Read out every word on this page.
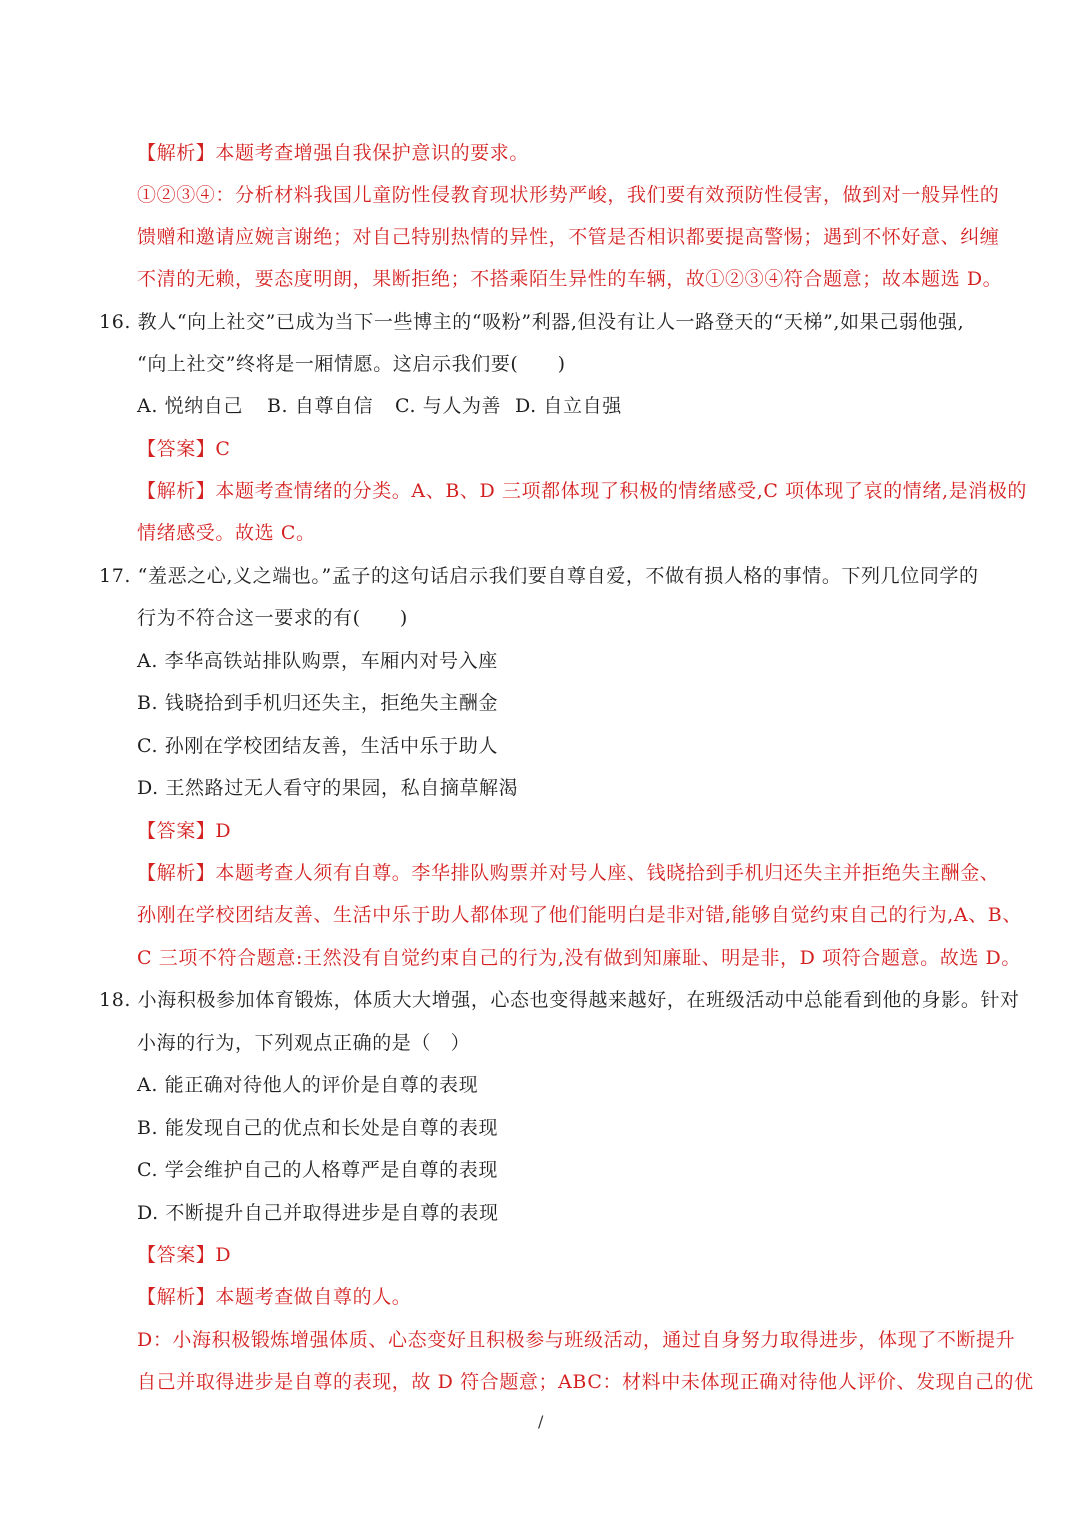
【解析】本题考查增强自我保护意识的要求。
①②③④：分析材料我国儿童防性侵教育现状形势严峻，我们要有效预防性侵害，做到对一般异性的
馈赠和邀请应婉言谢绝；对自己特别热情的异性，不管是否相识都要提高警惕；遇到不怀好意、纠缠
不清的无赖，要态度明朗，果断拒绝；不搭乘陌生异性的车辆，故①②③④符合题意；故本题选 D。
16. 教人“向上社交”已成为当下一些博主的“吸粉”利器,但没有让人一路登天的“天梯”,如果己弱他强,
“向上社交”终将是一厢情愿。这启示我们要(　　)
A. 悦纳自己 B. 自尊自信 C. 与人为善 D. 自立自强
【答案】C
【解析】本题考查情绪的分类。A、B、D 三项都体现了积极的情绪感受,C 项体现了哀的情绪,是消极的
情绪感受。故选 C。
17. “羞恶之心,义之端也。”孟子的这句话启示我们要自尊自爱，不做有损人格的事情。下列几位同学的
行为不符合这一要求的有(　　)
A. 李华高铁站排队购票，车厢内对号入座
B. 钱晓拾到手机归还失主，拒绝失主酬金
C. 孙刚在学校团结友善，生活中乐于助人
D. 王然路过无人看守的果园，私自摘草解渴
【答案】D
【解析】本题考查人须有自尊。李华排队购票并对号人座、钱晓拾到手机归还失主并拒绝失主酬金、
孙刚在学校团结友善、生活中乐于助人都体现了他们能明白是非对错,能够自觉约束自己的行为,A、B、
C 三项不符合题意:王然没有自觉约束自己的行为,没有做到知廉耻、明是非，D 项符合题意。故选 D。
18. 小海积极参加体育锻炼，体质大大增强，心态也变得越来越好，在班级活动中总能看到他的身影。针对
小海的行为，下列观点正确的是（　）
A. 能正确对待他人的评价是自尊的表现
B. 能发现自己的优点和长处是自尊的表现
C. 学会维护自己的人格尊严是自尊的表现
D. 不断提升自己并取得进步是自尊的表现
【答案】D
【解析】本题考查做自尊的人。
D：小海积极锻炼增强体质、心态变好且积极参与班级活动，通过自身努力取得进步，体现了不断提升
自己并取得进步是自尊的表现，故 D 符合题意；ABC：材料中未体现正确对待他人评价、发现自己的优
/
